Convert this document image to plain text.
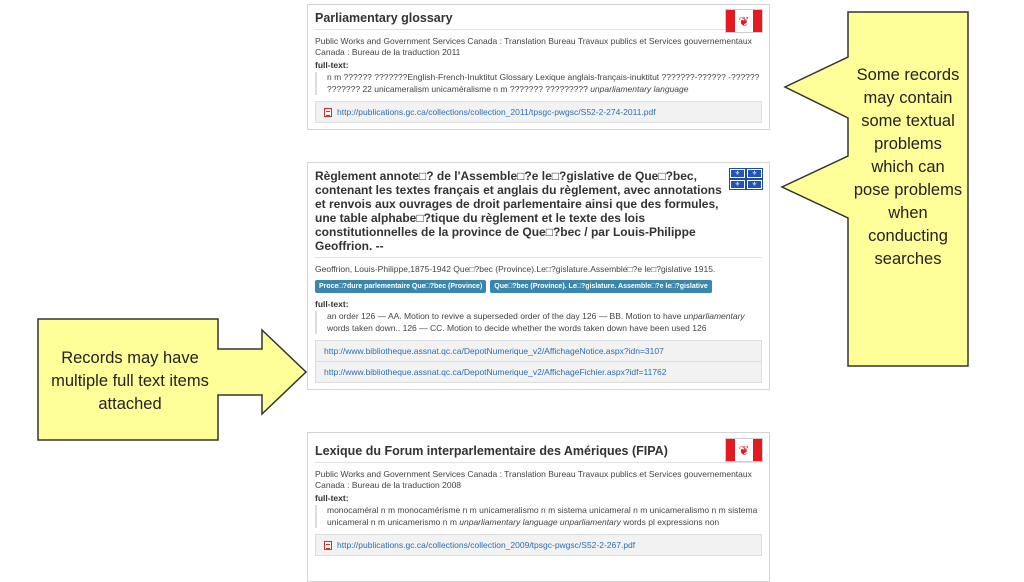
❦
Parliamentary glossary
Public Works and Government Services Canada : Translation Bureau Travaux publics et Services gouvernementaux Canada : Bureau de la traduction 2011
full-text:
n m ?????? ???????English-French-Inuktitut Glossary Lexique anglais-français-inuktitut ???????-?????? -?????? ??????? 22 unicameralism unicaméralisme n m ??????? ????????? unparliamentary language
http://publications.gc.ca/collections/collection_2011/tpsgc-pwgsc/S52-2-274-2011.pdf
⚜	⚜
⚜	⚜
Règlement annote□? de l'Assemble□?e le□?gislative de Que□?bec, contenant les textes français et anglais du règlement, avec annotations et renvois aux ouvrages de droit parlementaire ainsi que des formules, une table alphabe□?tique du règlement et le texte des lois constitutionnelles de la province de Que□?bec / par Louis-Philippe Geoffrion. --
Geoffrion, Louis-Philippe,1875-1942 Que□?bec (Province).Le□?gislature.Assemble□?e le□?gislative 1915.
Proce□?dure parlementaire Que□?bec (Province)	Que□?bec (Province). Le□?gislature. Assemble□?e le□?gislative
full-text:
an order 126 — AA. Motion to revive a superseded order of the day 126 — BB. Motion to have unparliamentary words taken down.. 126 — CC. Motion to decide whether the words taken down have been used 126
http://www.bibliotheque.assnat.qc.ca/DepotNumerique_v2/AffichageNotice.aspx?idn=3107
http://www.bibliotheque.assnat.qc.ca/DepotNumerique_v2/AffichageFichier.aspx?idf=11762
❦
Lexique du Forum interparlementaire des Amériques (FIPA)
Public Works and Government Services Canada : Translation Bureau Travaux publics et Services gouvernementaux Canada : Bureau de la traduction 2008
full-text:
monocaméral n m monocamérisme n m unicameralismo n m sistema unicameral n m unicameralismo n m sistema unicameral n m unicamerismo n m unparliamentary language unparliamentary words pl expressions non
http://publications.gc.ca/collections/collection_2009/tpsgc-pwgsc/S52-2-267.pdf
Some records may contain some textual problems which can pose problems when conducting searches
Records may have multiple full text items attached
